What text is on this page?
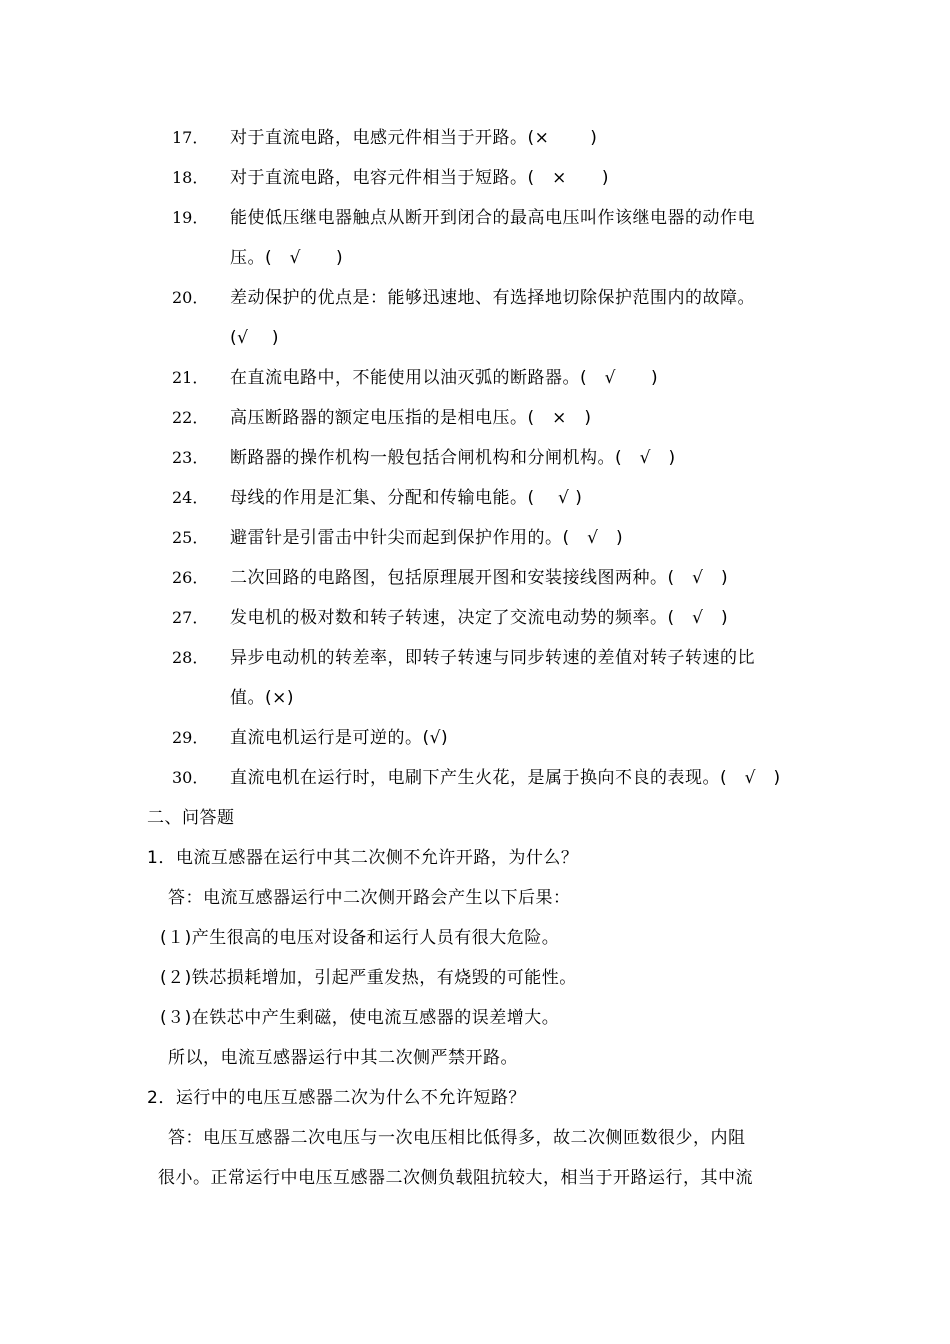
17． 对于直流电路，电感元件相当于开路。(×　　 )
18． 对于直流电路，电容元件相当于短路。(　×　　)
19． 能使低压继电器触点从断开到闭合的最高电压叫作该继电器的动作电
压。(　√　　)
20． 差动保护的优点是：能够迅速地、有选择地切除保护范围内的故障。
(√　 )
21． 在直流电路中，不能使用以油灭弧的断路器。(　√　　)
22． 高压断路器的额定电压指的是相电压。(　×　)
23． 断路器的操作机构一般包括合闸机构和分闸机构。(　√　)
24． 母线的作用是汇集、分配和传输电能。(　 √ )
25． 避雷针是引雷击中针尖而起到保护作用的。(　√　)
26． 二次回路的电路图，包括原理展开图和安装接线图两种。(　√　)
27． 发电机的极对数和转子转速，决定了交流电动势的频率。(　√　)
28． 异步电动机的转差率，即转子转速与同步转速的差值对转子转速的比
值。(×)
29． 直流电机运行是可逆的。(√)
30． 直流电机在运行时，电刷下产生火花，是属于换向不良的表现。(　√　)
二、问答题
1．电流互感器在运行中其二次侧不允许开路，为什么？
答：电流互感器运行中二次侧开路会产生以下后果：
(１)产生很高的电压对设备和运行人员有很大危险。
(２)铁芯损耗增加，引起严重发热，有烧毁的可能性。
(３)在铁芯中产生剩磁，使电流互感器的误差增大。
所以，电流互感器运行中其二次侧严禁开路。
2．运行中的电压互感器二次为什么不允许短路？
答：电压互感器二次电压与一次电压相比低得多，故二次侧匝数很少，内阻
很小。正常运行中电压互感器二次侧负载阻抗较大，相当于开路运行，其中流
